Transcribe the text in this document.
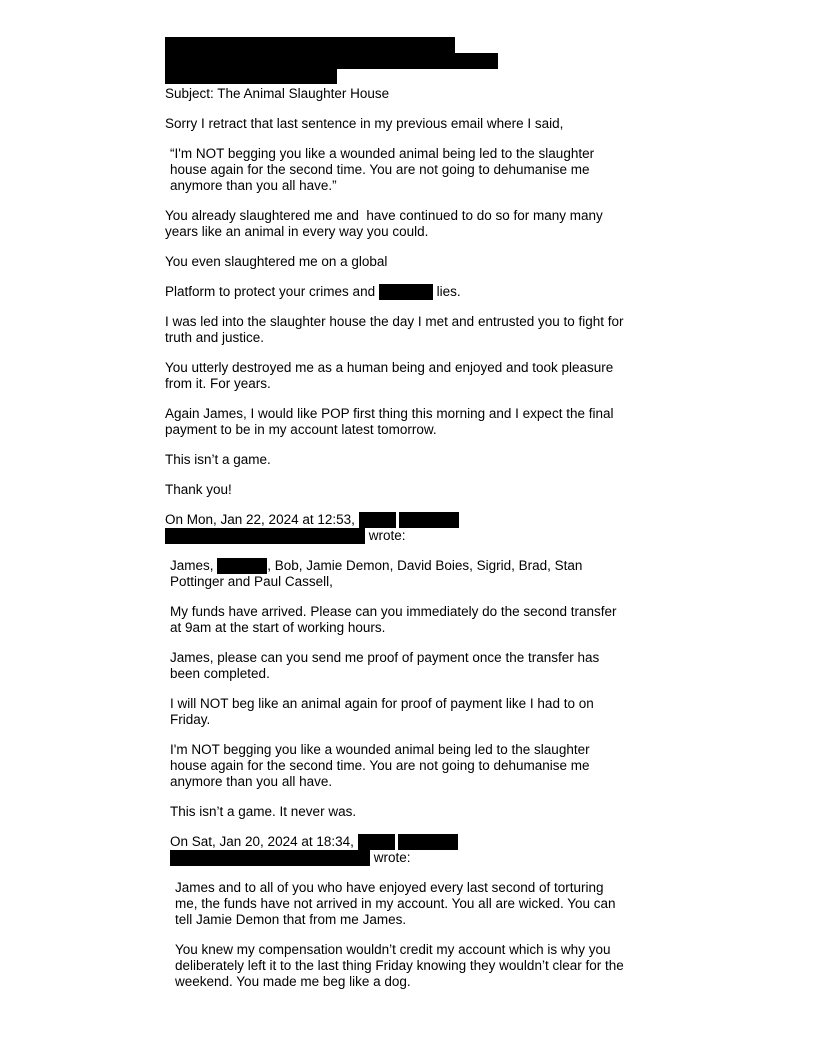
Subject: The Animal Slaughter House
Sorry I retract that last sentence in my previous email where I said,
“I'm NOT begging you like a wounded animal being led to the slaughter
house again for the second time. You are not going to dehumanise me
anymore than you all have.”
You already slaughtered me and  have continued to do so for many many
years like an animal in every way you could.
You even slaughtered me on a global
Platform to protect your crimes and	lies.
I was led into the slaughter house the day I met and entrusted you to fight for
truth and justice.
You utterly destroyed me as a human being and enjoyed and took pleasure
from it. For years.
Again James, I would like POP first thing this morning and I expect the final
payment to be in my account latest tomorrow.
This isn’t a game.
Thank you!
On Mon, Jan 22, 2024 at 12:53,
wrote:
James,	, Bob, Jamie Demon, David Boies, Sigrid, Brad, Stan
Pottinger and Paul Cassell,
My funds have arrived. Please can you immediately do the second transfer
at 9am at the start of working hours.
James, please can you send me proof of payment once the transfer has
been completed.
I will NOT beg like an animal again for proof of payment like I had to on
Friday.
I'm NOT begging you like a wounded animal being led to the slaughter
house again for the second time. You are not going to dehumanise me
anymore than you all have.
This isn’t a game. It never was.
On Sat, Jan 20, 2024 at 18:34,
wrote:
James and to all of you who have enjoyed every last second of torturing
me, the funds have not arrived in my account. You all are wicked. You can
tell Jamie Demon that from me James.
You knew my compensation wouldn’t credit my account which is why you
deliberately left it to the last thing Friday knowing they wouldn’t clear for the
weekend. You made me beg like a dog.
